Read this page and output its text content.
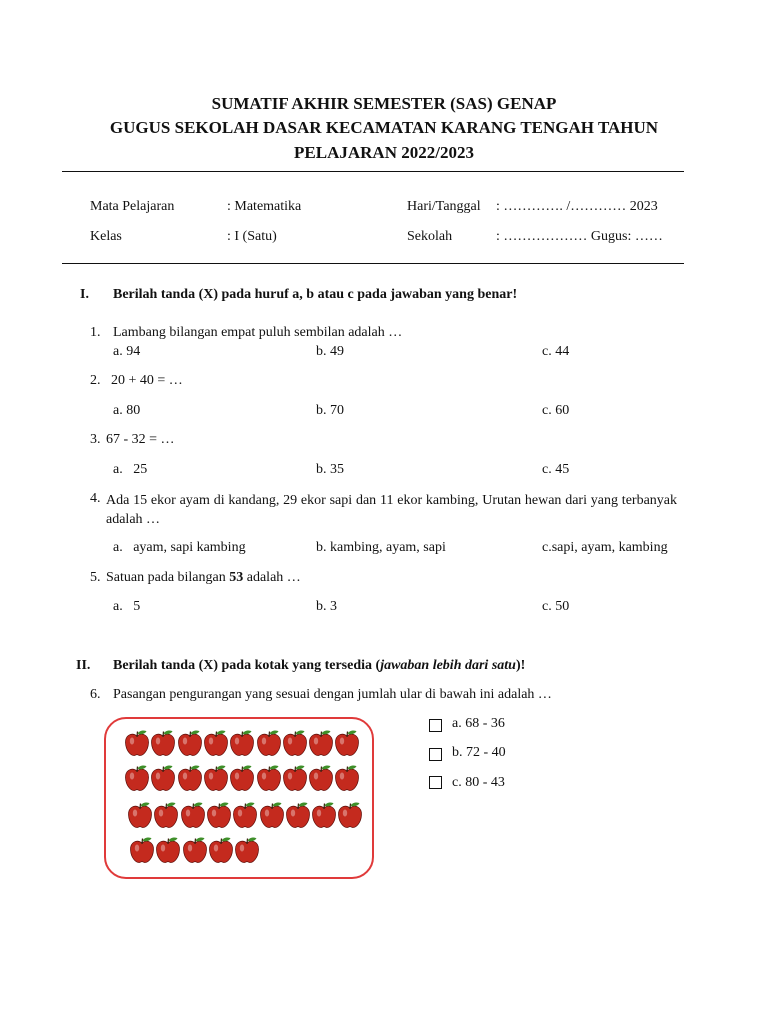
SUMATIF AKHIR SEMESTER (SAS) GENAP
GUGUS SEKOLAH DASAR KECAMATAN KARANG TENGAH TAHUN
PELAJARAN 2022/2023
Mata Pelajaran	: Matematika	Hari/Tanggal : …………. /………… 2023
Kelas	: I (Satu)	Sekolah	: ……………… Gugus: ……
I. Berilah tanda (X) pada huruf a, b atau c pada jawaban yang benar!
1. Lambang bilangan empat puluh sembilan adalah …
a. 94	b. 49	c. 44
2. 20 + 40 = …
a. 80	b. 70	c. 60
3. 67 - 32 = …
a.   25	b. 35	c. 45
4. Ada 15 ekor ayam di kandang, 29 ekor sapi dan 11 ekor kambing, Urutan hewan dari yang terbanyak adalah …
a.   ayam, sapi kambing	b. kambing, ayam, sapi	c.sapi, ayam, kambing
5. Satuan pada bilangan 53 adalah …
a.   5	b. 3	c. 50
II. Berilah tanda (X) pada kotak yang tersedia (jawaban lebih dari satu)!
6. Pasangan pengurangan yang sesuai dengan jumlah ular di bawah ini adalah …
a. 68 - 36
b. 72 - 40
c. 80 - 43
